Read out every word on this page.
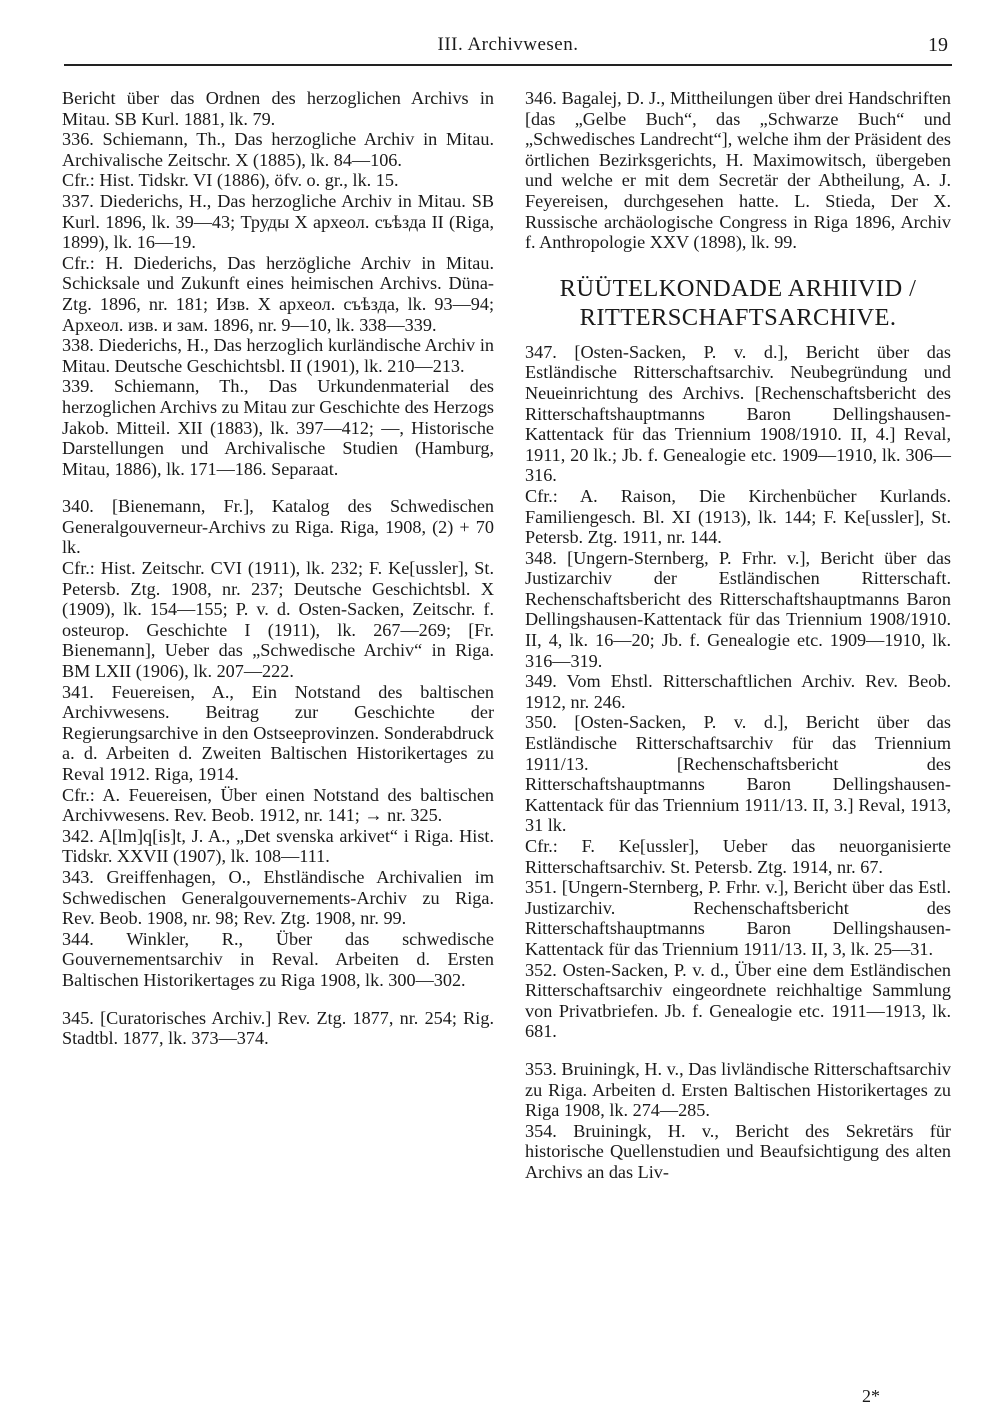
III. Archivwesen.	19

Bericht über das Ordnen des herzoglichen Archivs in Mitau. SB Kurl. 1881, lk. 79.

336. Schiemann, Th., Das herzogliche Archiv in Mitau. Archivalische Zeitschr. X (1885), lk. 84—106.

Cfr.: Hist. Tidskr. VI (1886), öfv. o. gr., lk. 15.

337. Diederichs, H., Das herzogliche Archiv in Mitau. SB Kurl. 1896, lk. 39—43; Труды X археол. съѣзда II (Riga, 1899), lk. 16—19.

Cfr.: H. Diederichs, Das herzögliche Archiv in Mitau. Schicksale und Zukunft eines heimischen Archivs. Düna-Ztg. 1896, nr. 181; Изв. X археол. съѣзда, lk. 93—94; Археол. изв. и зам. 1896, nr. 9—10, lk. 338—339.

338. Diederichs, H., Das herzoglich kurländische Archiv in Mitau. Deutsche Geschichtsbl. II (1901), lk. 210—213.

339. Schiemann, Th., Das Urkundenmaterial des herzoglichen Archivs zu Mitau zur Geschichte des Herzogs Jakob. Mitteil. XII (1883), lk. 397—412; —, Historische Darstellungen und Archivalische Studien (Hamburg, Mitau, 1886), lk. 171—186. Separaat.

340. [Bienemann, Fr.], Katalog des Schwedischen Generalgouverneur-Archivs zu Riga. Riga, 1908, (2) + 70 lk.

Cfr.: Hist. Zeitschr. CVI (1911), lk. 232; F. Ke[ussler], St. Petersb. Ztg. 1908, nr. 237; Deutsche Geschichtsbl. X (1909), lk. 154—155; P. v. d. Osten-Sacken, Zeitschr. f. osteurop. Geschichte I (1911), lk. 267—269; [Fr. Bienemann], Ueber das „Schwedische Archiv“ in Riga. BM LXII (1906), lk. 207—222.

341. Feuereisen, A., Ein Notstand des baltischen Archivwesens. Beitrag zur Geschichte der Regierungsarchive in den Ostseeprovinzen. Sonderabdruck a. d. Arbeiten d. Zweiten Baltischen Historikertages zu Reval 1912. Riga, 1914.

Cfr.: A. Feuereisen, Über einen Notstand des baltischen Archivwesens. Rev. Beob. 1912, nr. 141; → nr. 325.

342. A[lm]q[is]t, J. A., „Det svenska arkivet“ i Riga. Hist. Tidskr. XXVII (1907), lk. 108—111.

343. Greiffenhagen, O., Ehstländische Archivalien im Schwedischen Generalgouvernements-Archiv zu Riga. Rev. Beob. 1908, nr. 98; Rev. Ztg. 1908, nr. 99.

344. Winkler, R., Über das schwedische Gouvernementsarchiv in Reval. Arbeiten d. Ersten Baltischen Historikertages zu Riga 1908, lk. 300—302.

345. [Curatorisches Archiv.] Rev. Ztg. 1877, nr. 254; Rig. Stadtbl. 1877, lk. 373—374.

346. Bagalej, D. J., Mittheilungen über drei Handschriften [das „Gelbe Buch“, das „Schwarze Buch“ und „Schwedisches Landrecht“], welche ihm der Präsident des örtlichen Bezirksgerichts, H. Maximowitsch, übergeben und welche er mit dem Secretär der Abtheilung, A. J. Feyereisen, durchgesehen hatte. L. Stieda, Der X. Russische archäologische Congress in Riga 1896, Archiv f. Anthropologie XXV (1898), lk. 99.

RÜÜTELKONDADE ARHIIVID /
RITTERSCHAFTSARCHIVE.

347. [Osten-Sacken, P. v. d.], Bericht über das Estländische Ritterschaftsarchiv. Neubegründung und Neueinrichtung des Archivs. [Rechenschaftsbericht des Ritterschaftshauptmanns Baron Dellingshausen-Kattentack für das Triennium 1908/1910. II, 4.] Reval, 1911, 20 lk.; Jb. f. Genealogie etc. 1909—1910, lk. 306—316.

Cfr.: A. Raison, Die Kirchenbücher Kurlands. Familiengesch. Bl. XI (1913), lk. 144; F. Ke[ussler], St. Petersb. Ztg. 1911, nr. 144.

348. [Ungern-Sternberg, P. Frhr. v.], Bericht über das Justizarchiv der Estländischen Ritterschaft. Rechenschaftsbericht des Ritterschaftshauptmanns Baron Dellingshausen-Kattentack für das Triennium 1908/1910. II, 4, lk. 16—20; Jb. f. Genealogie etc. 1909—1910, lk. 316—319.

349. Vom Ehstl. Ritterschaftlichen Archiv. Rev. Beob. 1912, nr. 246.

350. [Osten-Sacken, P. v. d.], Bericht über das Estländische Ritterschaftsarchiv für das Triennium 1911/13. [Rechenschaftsbericht des Ritterschaftshauptmanns Baron Dellingshausen-Kattentack für das Triennium 1911/13. II, 3.] Reval, 1913, 31 lk.

Cfr.: F. Ke[ussler], Ueber das neuorganisierte Ritterschaftsarchiv. St. Petersb. Ztg. 1914, nr. 67.

351. [Ungern-Sternberg, P. Frhr. v.], Bericht über das Estl. Justizarchiv. Rechenschaftsbericht des Ritterschaftshauptmanns Baron Dellingshausen-Kattentack für das Triennium 1911/13. II, 3, lk. 25—31.

352. Osten-Sacken, P. v. d., Über eine dem Estländischen Ritterschaftsarchiv eingeordnete reichhaltige Sammlung von Privatbriefen. Jb. f. Genealogie etc. 1911—1913, lk. 681.

353. Bruiningk, H. v., Das livländische Ritterschaftsarchiv zu Riga. Arbeiten d. Ersten Baltischen Historikertages zu Riga 1908, lk. 274—285.

354. Bruiningk, H. v., Bericht des Sekretärs für historische Quellenstudien und Beaufsichtigung des alten Archivs an das Liv-

2*
